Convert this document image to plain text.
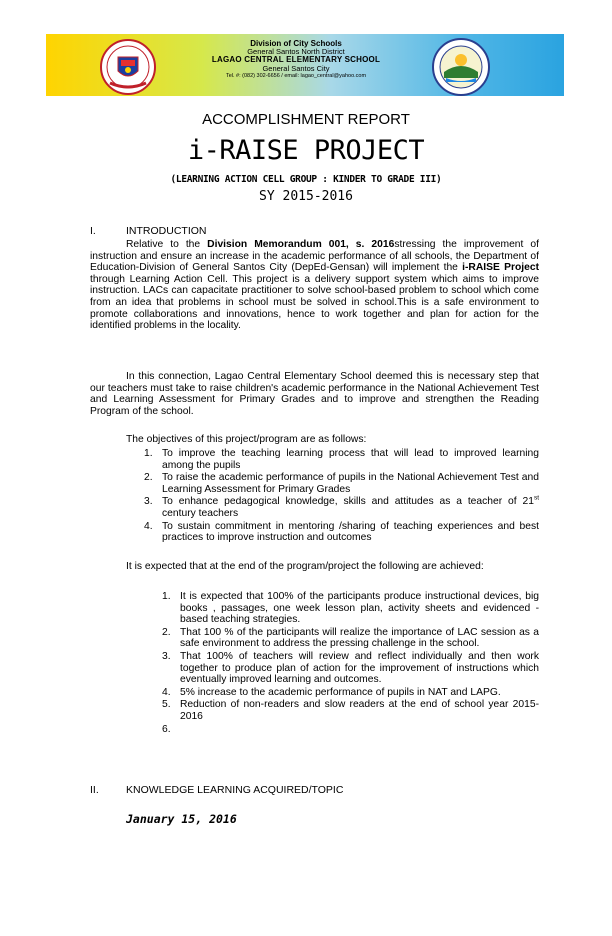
Division of City Schools
General Santos North District
LAGAO CENTRAL ELEMENTARY SCHOOL
General Santos City
Tel. #: (082) 302-6656 / email: lagao_central@yahoo.com
ACCOMPLISHMENT REPORT
i-RAISE PROJECT
(LEARNING ACTION CELL GROUP : KINDER TO GRADE III)
SY 2015-2016
I.	INTRODUCTION

Relative to the Division Memorandum 001, s. 2016stressing the improvement of instruction and ensure an increase in the academic performance of all schools, the Department of Education-Division of General Santos City (DepEd-Gensan) will implement the i-RAISE Project through Learning Action Cell. This project is a delivery support system which aims to improve instruction. LACs can capacitate practitioner to solve school-based problem to school which come from an idea that problems in school must be solved in school.This is a safe environment to promote collaborations and innovations, hence to work together and plan for action for the identified problems in the locality.

In this connection, Lagao Central Elementary School deemed this is necessary step that our teachers must take to raise children's academic performance in the National Achievement Test and Learning Assessment for Primary Grades and to improve and strengthen the Reading Program of the school.

The objectives of this project/program are as follows:

1. To improve the teaching learning process that will lead to improved learning among the pupils
2. To raise the academic performance of pupils in the National Achievement Test and Learning Assessment for Primary Grades
3. To enhance pedagogical knowledge, skills and attitudes as a teacher of 21st century teachers
4. To sustain commitment in mentoring /sharing of teaching experiences and best practices to improve instruction and outcomes

It is expected that at the end of the program/project the following are achieved:

1. It is expected that 100% of the participants produce instructional devices, big books , passages, one week lesson plan, activity sheets and evidenced -based teaching strategies.
2. That 100 % of the participants will realize the importance of LAC session as a safe environment to address the pressing challenge in the school.
3. That 100% of teachers will review and reflect individually and then work together to produce plan of action for the improvement of instructions which eventually improved learning and outcomes.
4. 5% increase to the academic performance of pupils in NAT and LAPG.
5. Reduction of non-readers and slow readers at the end of school year 2015-2016
6.
II.	KNOWLEDGE LEARNING ACQUIRED/TOPIC
January 15, 2016
